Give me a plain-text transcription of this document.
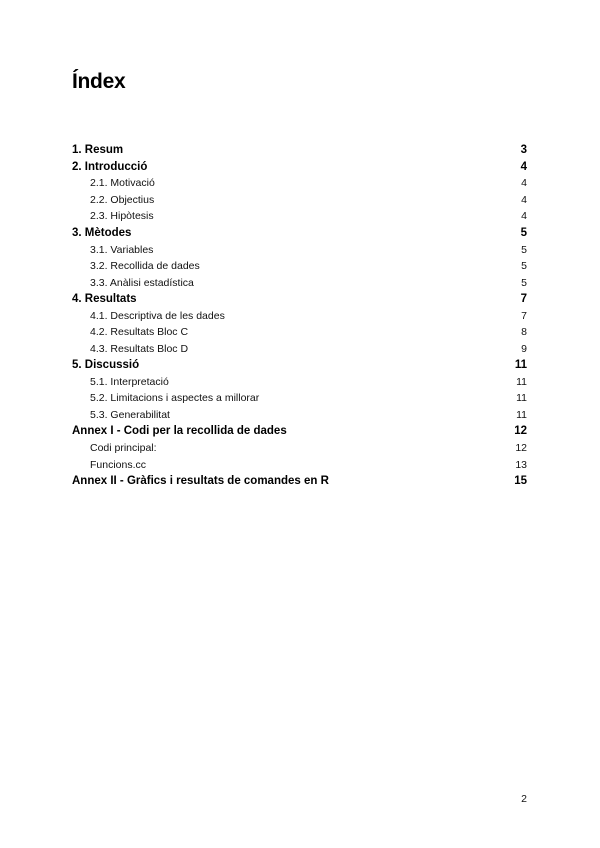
Índex
1. Resum	3
2. Introducció	4
2.1. Motivació	4
2.2. Objectius	4
2.3. Hipòtesis	4
3. Mètodes	5
3.1. Variables	5
3.2. Recollida de dades	5
3.3. Anàlisi estadística	5
4. Resultats	7
4.1. Descriptiva de les dades	7
4.2. Resultats Bloc C	8
4.3. Resultats Bloc D	9
5. Discussió	11
5.1. Interpretació	11
5.2. Limitacions i aspectes a millorar	11
5.3. Generabilitat	11
Annex I - Codi per la recollida de dades	12
Codi principal:	12
Funcions.cc	13
Annex II - Gràfics i resultats de comandes en R	15
2
